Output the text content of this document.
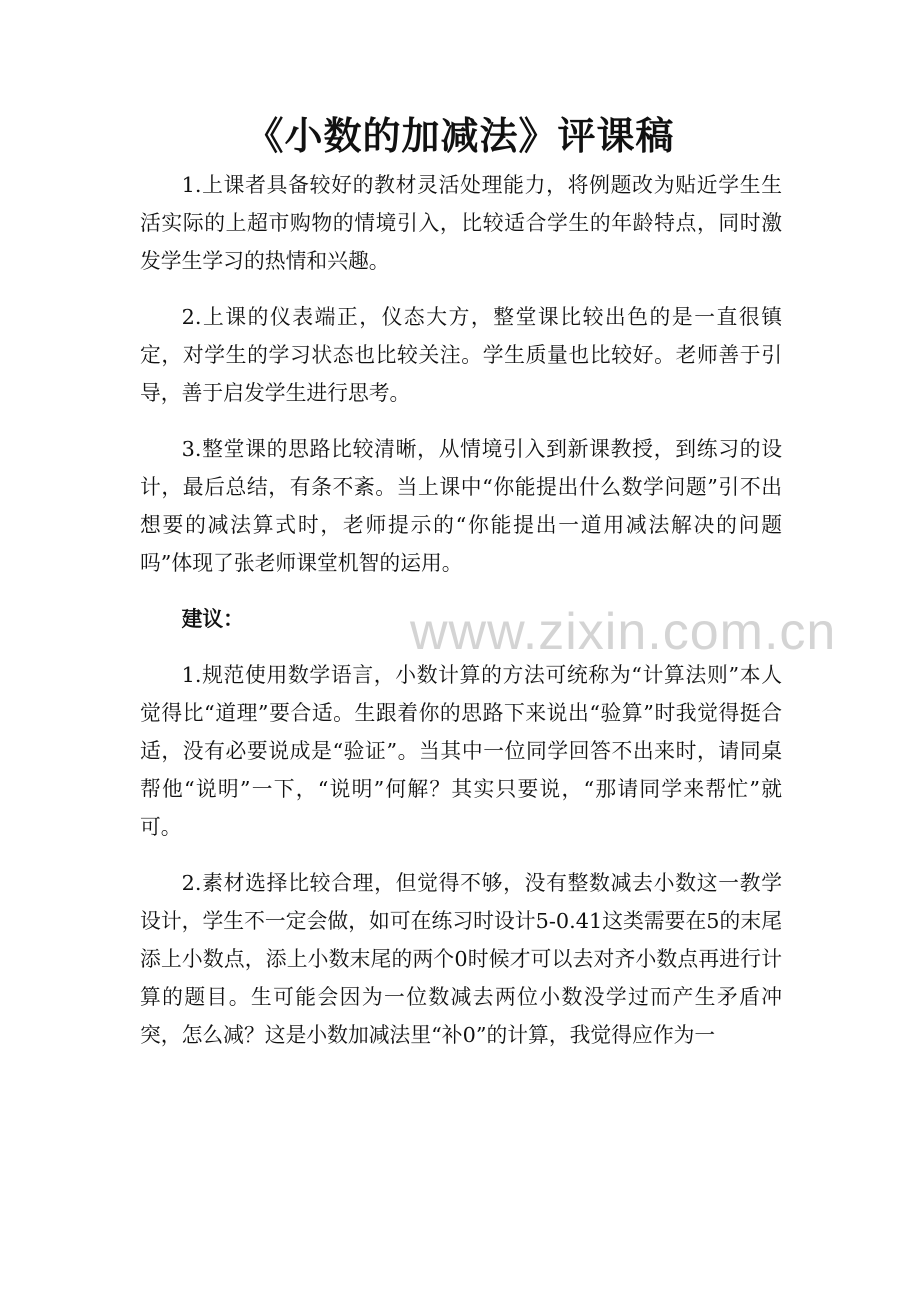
《小数的加减法》评课稿

1.上课者具备较好的教材灵活处理能力，将例题改为贴近学生生活实际的上超市购物的情境引入，比较适合学生的年龄特点，同时激发学生学习的热情和兴趣。

2.上课的仪表端正，仪态大方，整堂课比较出色的是一直很镇定，对学生的学习状态也比较关注。学生质量也比较好。老师善于引导，善于启发学生进行思考。

3.整堂课的思路比较清晰，从情境引入到新课教授，到练习的设计，最后总结，有条不紊。当上课中“你能提出什么数学问题”引不出想要的减法算式时，老师提示的“你能提出一道用减法解决的问题吗”体现了张老师课堂机智的运用。

建议：

1.规范使用数学语言，小数计算的方法可统称为“计算法则”本人觉得比“道理”要合适。生跟着你的思路下来说出“验算”时我觉得挺合适，没有必要说成是“验证”。当其中一位同学回答不出来时，请同桌帮他“说明”一下，“说明”何解？其实只要说，“那请同学来帮忙”就可。

2.素材选择比较合理，但觉得不够，没有整数减去小数这一教学设计，学生不一定会做，如可在练习时设计5-0.41这类需要在5的末尾添上小数点，添上小数末尾的两个0时候才可以去对齐小数点再进行计算的题目。生可能会因为一位数减去两位小数没学过而产生矛盾冲突，怎么减？这是小数加减法里“补0”的计算，我觉得应作为一

www.zixin.com.cn
